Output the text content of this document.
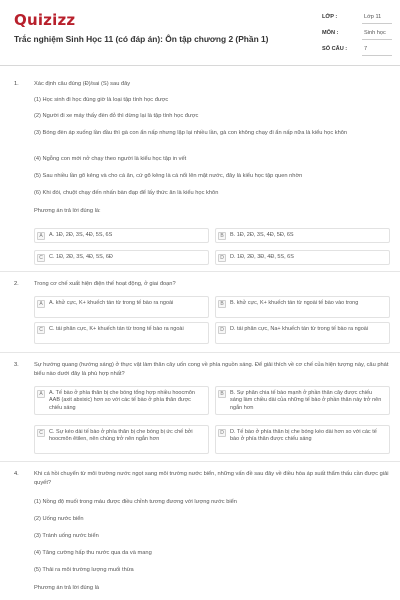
Quizizz
Trắc nghiệm Sinh Học 11 (có đáp án): Ôn tập chương 2 (Phần 1)
LỚP :	Lớp 11
MÔN :	Sinh học
SỐ CÂU :	7
1.	Xác định câu đúng (Đ)/sai (S) sau đây
(1) Học sinh đi học đúng giờ là loại tập tính học được
(2) Người đi xe máy thấy đèn đỏ thì dừng lại là tập tính học được
(3) Bóng đèn áp xuống lần đầu thì gà con ẩn nấp nhưng lặp lại nhiều lần, gà con không chạy đi ẩn nấp nữa là kiểu học khôn
(4) Ngỗng con mới nở chạy theo người là kiểu học tập in vết
(5) Sau nhiều lần gõ kẻng và cho cá ăn, cứ gõ kẻng là cá nổi lên mặt nước, đây là kiểu học tập quen nhờn
(6) Khi đói, chuột chạy đến nhấn bàn đạp để lấy thức ăn là kiểu học khôn
Phương án trả lời đúng là:
A	A. 1Đ, 2Đ, 3S, 4Đ, 5S, 6S	B	B. 1Đ, 2Đ, 3S, 4Đ, 5Đ, 6S
C	C. 1Đ, 2Đ, 3S, 4Đ, 5S, 6Đ	D	D. 1Đ, 2Đ, 3Đ, 4Đ, 5S, 6S
2.	Trong cơ chế xuất hiện điện thế hoạt động, ở giai đoạn?
A	A. khử cực, K+ khuếch tán từ trong tế bào ra ngoài	B	B. khử cực, K+ khuếch tán từ ngoài tế bào vào trong
C	C. tái phân cực, K+ khuếch tán từ trong tế bào ra ngoài	D	D. tái phân cực, Na+ khuếch tán từ trong tế bào ra ngoài
3.	Sự hướng quang (hướng sáng) ở thực vật làm thân cây uốn cong về phía nguồn sáng. Để giải thích về cơ chế của hiện tượng này, câu phát biểu nào dưới đây là phù hợp nhất?
A	A. Tế bào ở phía thân bị che bóng tổng hợp nhiều hoocmôn AAB (axit abxixic) hơn so với các tế bào ở phía thân được chiếu sáng
B	B. Sự phân chia tế bào mạnh ở phần thân cây được chiếu sáng làm chiều dài của những tế bào ở phần thân này trở nên ngắn hơn
C	C. Sự kéo dài tế bào ở phía thân bị che bóng bị ức chế bởi hoocmôn êtilen, nên chúng trở nên ngắn hơn
D	D. Tế bào ở phía thân bị che bóng kéo dài hơn so với các tế bào ở phía thân được chiếu sáng
4.	Khi cá hồi chuyển từ môi trường nước ngọt sang môi trường nước biển, những vấn đề sau đây về điều hòa áp suất thẩm thấu cần được giải quyết?
(1) Nồng độ muối trong máu được điều chỉnh tương đương với lượng nước biển
(2) Uống nước biển
(3) Tránh uống nước biển
(4) Tăng cường hấp thu nước qua da và mang
(5) Thải ra môi trường lượng muối thừa
Phương án trả lời đúng là
